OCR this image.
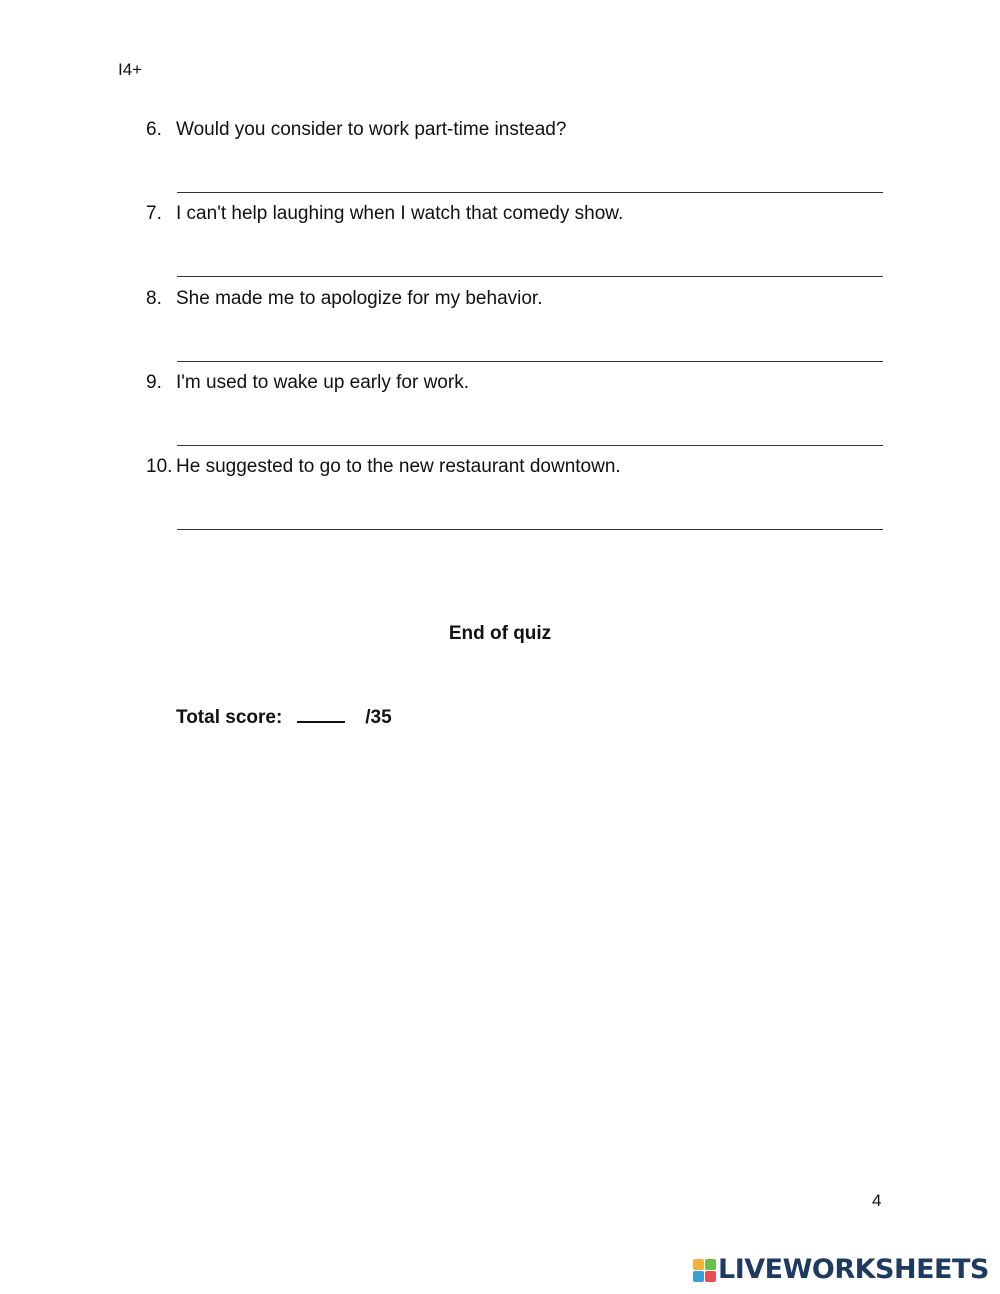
I4+
6. Would you consider to work part-time instead?
7. I can't help laughing when I watch that comedy show.
8. She made me to apologize for my behavior.
9. I'm used to wake up early for work.
10. He suggested to go to the new restaurant downtown.
End of quiz
Total score:	/35
4
LIVEWORKSHEETS
